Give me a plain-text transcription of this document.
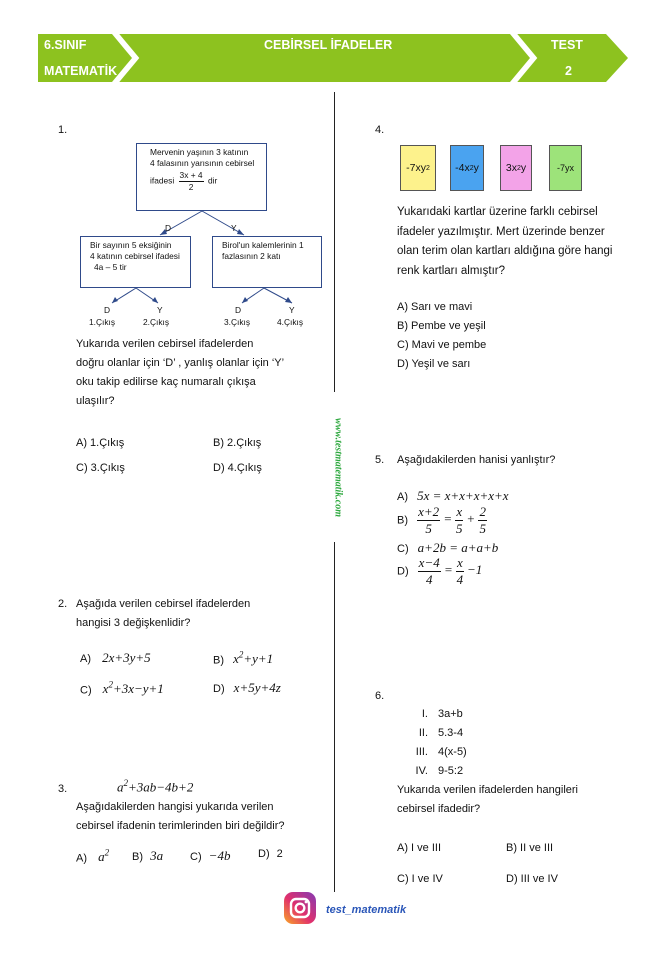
6.SINIF
MATEMATİK
CEBİRSEL İFADELER	TEST
2
www.testmatematik.com
1.
Mervenin yaşının 3 katının
4 falasının yarısının cebirsel
ifadesi $\frac{3x + 4}{2}$ dir
D	Y
Bir sayının 5 eksiğinin
4 katının cebirsel ifadesi
4a – 5 tir
Birol'un kalemlerinin 1
fazlasının 2 katı
D	Y	D	Y
1.Çıkış	2.Çıkış	3.Çıkış	4.Çıkış
Yukarıda verilen cebirsel ifadelerden
doğru olanlar için ‘D’ , yanlış olanlar için ‘Y’
oku takip edilirse kaç numaralı çıkışa
ulaşılır?
A) 1.Çıkış	B) 2.Çıkış
C) 3.Çıkış	D) 4.Çıkış
2. Aşağıda verilen cebirsel ifadelerden
hangisi 3 değişkenlidir?
A) 2x+3y+5	B) $x^2+y+1$
C) $x^2+3x-y+1$	D) x+5y+4z
3.	$a^2+3ab-4b+2$
Aşağıdakilerden hangisi yukarıda verilen
cebirsel ifadenin terimlerinden biri değildir?
A) $a^2$ B) 3a C) −4b	D) 2
4.
-7xy 2	-4x 2 y	3x 2 y	-7yx
Yukarıdaki kartlar üzerine farklı cebirsel
ifadeler yazılmıştır. Mert üzerinde benzer
olan terim olan kartları aldığına göre hangi
renk kartları almıştır?
A) Sarı ve mavi
B) Pembe ve yeşil
C) Mavi ve pembe
D) Yeşil ve sarı
5. Aşağıdakilerden hanisi yanlıştır?
A) 5x = x+x+x+x+x
$B) \frac{x+2}{5} = \frac{x}{5} + \frac{2}{5}$
C) a+2b = a+a+b
$D) \frac{x-4}{4} = \frac{x}{4} -1$
6.
I. 3a+b
II. 5.3-4
III. 4(x-5)
IV. 9-5:2
Yukarıda verilen ifadelerden hangileri
cebirsel ifadedir?
A) I ve III	B) II ve III
C) I ve IV	D) III ve IV
test_matematik
